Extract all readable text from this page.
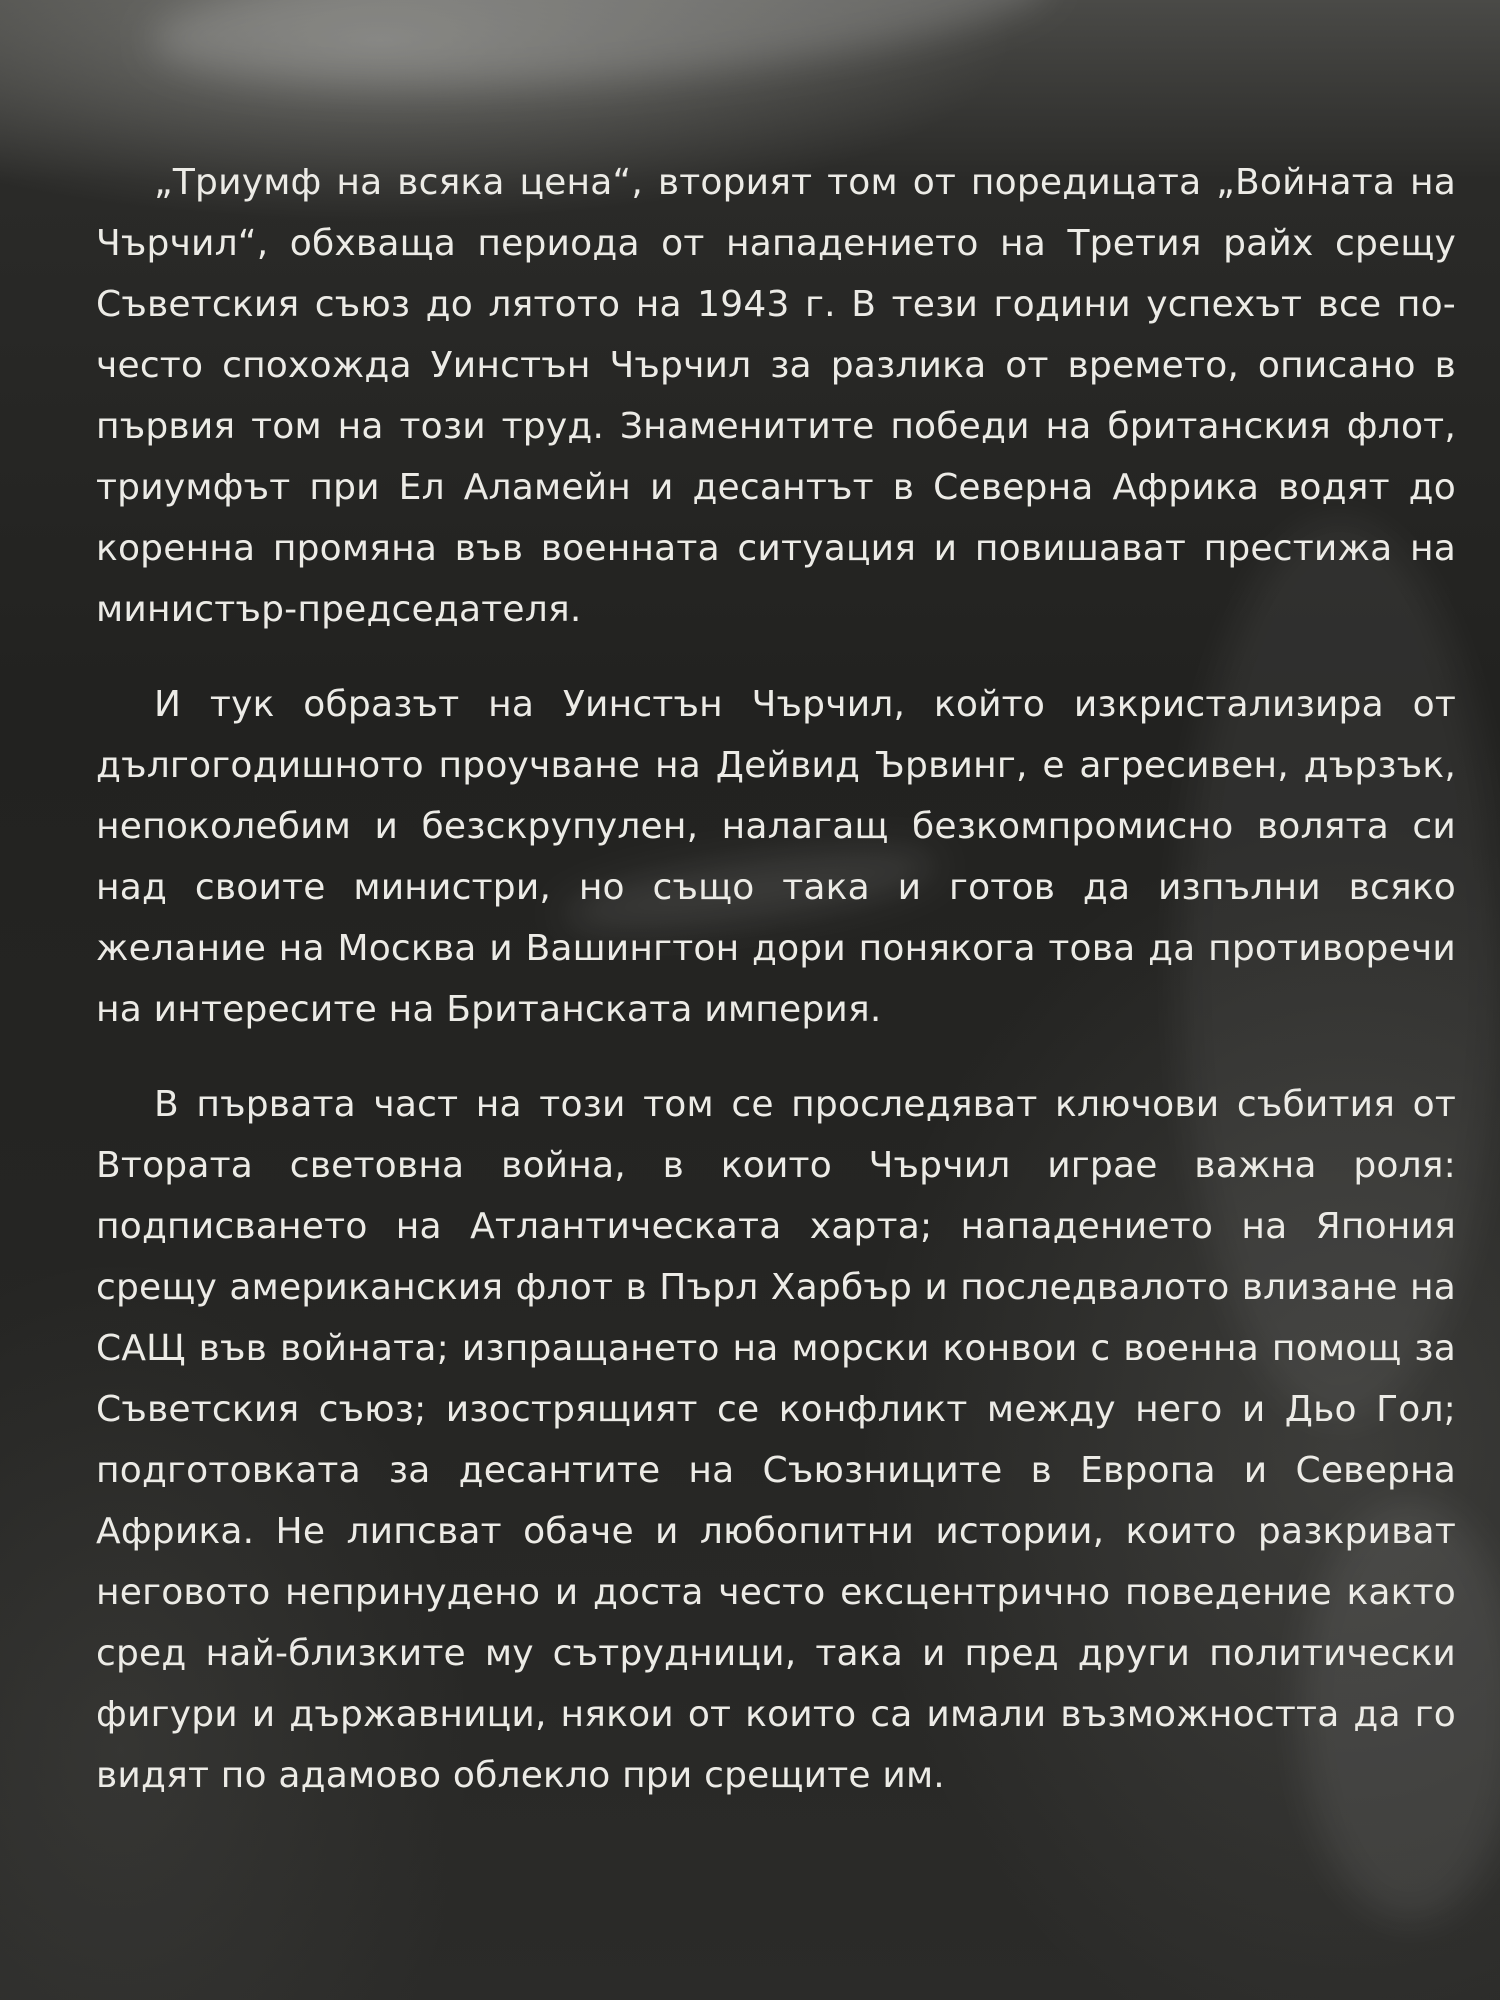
„Триумф на всяка цена“, вторият том от поредицата „Войната на Чърчил“, обхваща периода от нападението на Третия райх срещу Съветския съюз до лятото на 1943 г. В тези години успехът все по-често спохожда Уинстън Чърчил за разлика от времето, описано в първия том на този труд. Знаменитите победи на британския флот, триумфът при Ел Аламейн и десантът в Северна Африка водят до коренна промяна във военната ситуация и повишават престижа на министър-председателя.

И тук образът на Уинстън Чърчил, който изкристализира от дългогодишното проучване на Дейвид Ървинг, е агресивен, дързък, непоколебим и безскрупулен, налагащ безкомпромисно волята си над своите министри, но също така и готов да изпълни всяко желание на Москва и Вашингтон дори понякога това да противоречи на интересите на Британската империя.

В първата част на този том се проследяват ключови събития от Втората световна война, в които Чърчил играе важна роля: подписването на Атлантическата харта; нападението на Япония срещу американския флот в Пърл Харбър и последвалото влизане на САЩ във войната; изпращането на морски конвои с военна помощ за Съветския съюз; изострящият се конфликт между него и Дьо Гол; подготовката за десантите на Съюзниците в Европа и Северна Африка. Не липсват обаче и любопитни истории, които разкриват неговото непринудено и доста често ексцентрично поведение както сред най-близките му сътрудници, така и пред други политически фигури и държавници, някои от които са имали възможността да го видят по адамово облекло при срещите им.
